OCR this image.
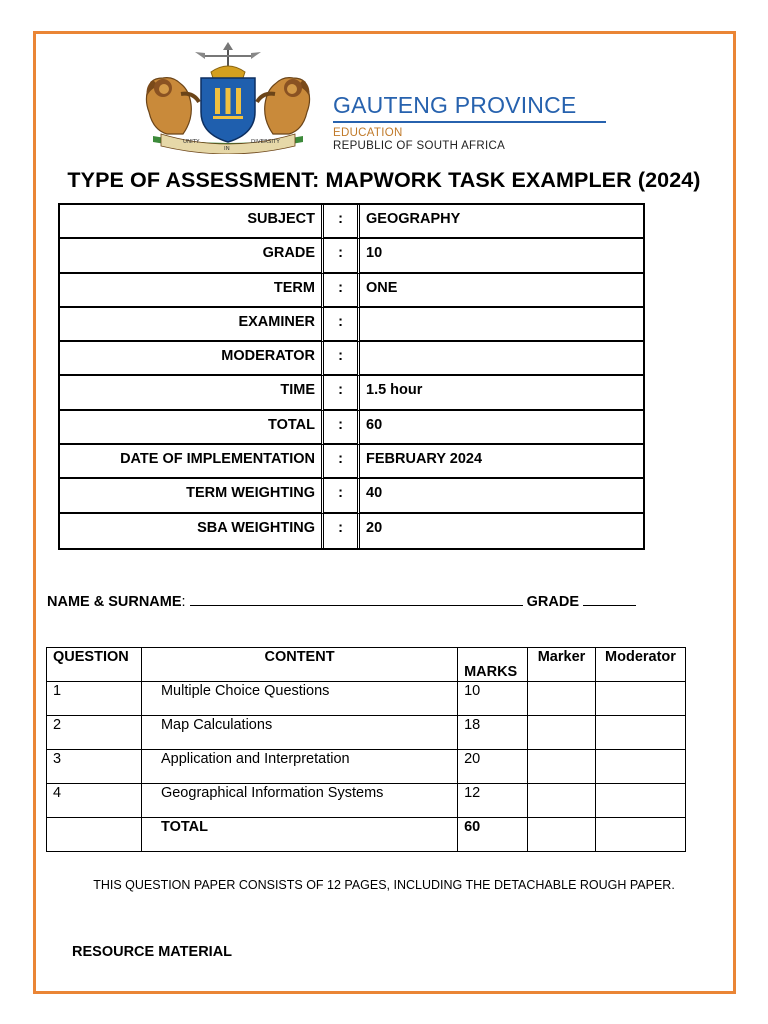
UNITY
IN
DIVERSITY
GAUTENG PROVINCE
EDUCATION
REPUBLIC OF SOUTH AFRICA
TYPE OF ASSESSMENT: MAPWORK TASK EXAMPLER (2024)
SUBJECT	:	GEOGRAPHY
GRADE	:	10
TERM	:	ONE
EXAMINER	:	
MODERATOR	:	
TIME	:	1.5 hour
TOTAL	:	60
DATE OF IMPLEMENTATION	:	FEBRUARY 2024
TERM WEIGHTING	:	40
SBA WEIGHTING	:	20
NAME & SURNAME:	GRADE
QUESTION	CONTENT	MARKS	Marker	Moderator
1	Multiple Choice Questions	10		
2	Map Calculations	18		
3	Application and Interpretation	20		
4	Geographical Information Systems	12		
	TOTAL	60		
THIS QUESTION PAPER CONSISTS OF 12 PAGES, INCLUDING THE DETACHABLE ROUGH PAPER.
RESOURCE MATERIAL
